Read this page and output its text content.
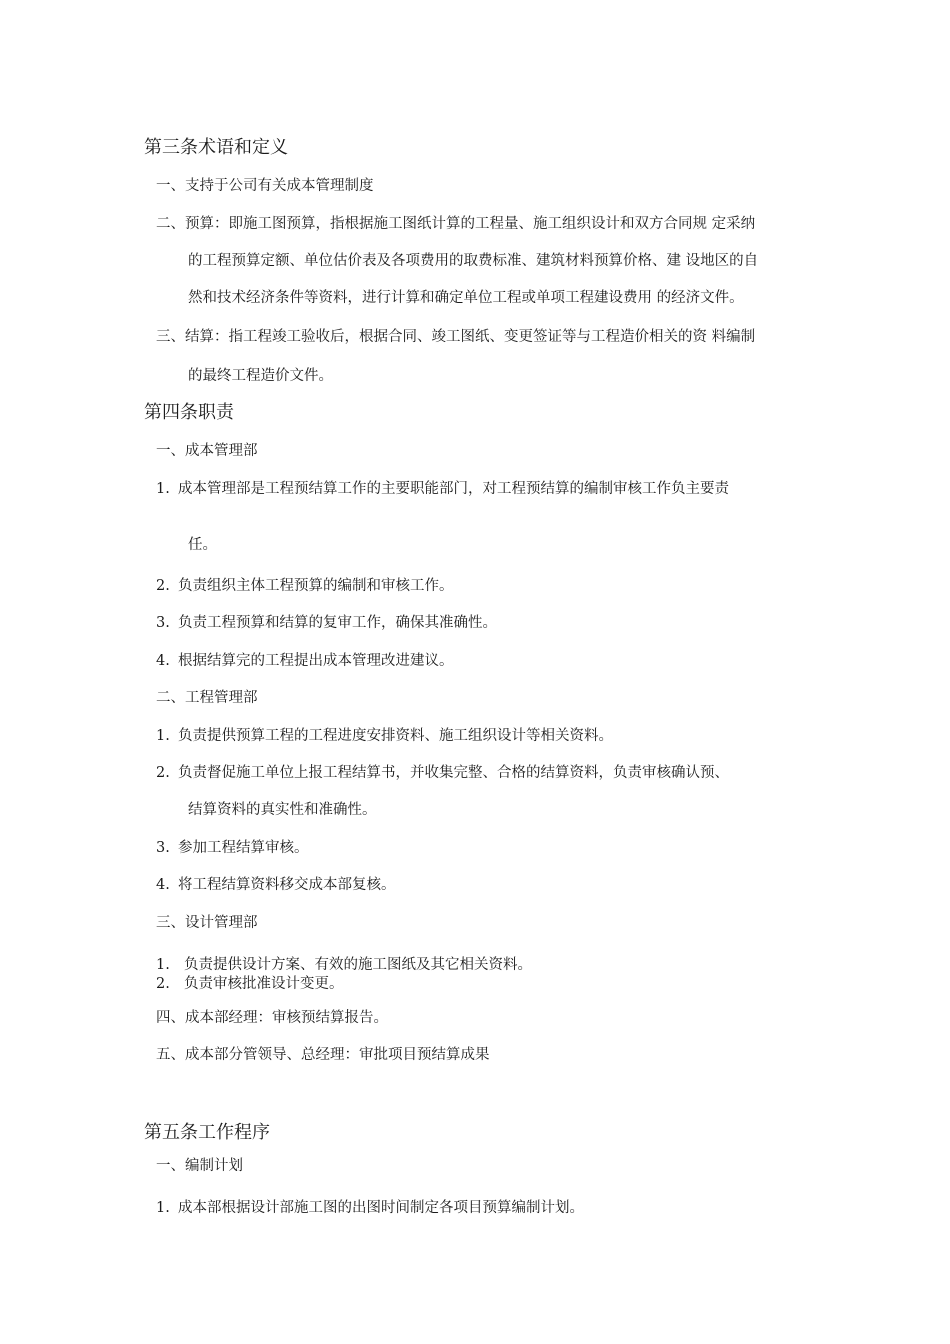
第三条术语和定义
一、支持于公司有关成本管理制度
二、预算：即施工图预算，指根据施工图纸计算的工程量、施工组织设计和双方合同规 定采纳
的工程预算定额、单位估价表及各项费用的取费标准、建筑材料预算价格、建 设地区的自
然和技术经济条件等资料，进行计算和确定单位工程或单项工程建设费用 的经济文件。
三、结算：指工程竣工验收后，根据合同、竣工图纸、变更签证等与工程造价相关的资 料编制
的最终工程造价文件。
第四条职责
一、成本管理部
1. 成本管理部是工程预结算工作的主要职能部门，对工程预结算的编制审核工作负主要责
任。
2. 负责组织主体工程预算的编制和审核工作。
3. 负责工程预算和结算的复审工作，确保其准确性。
4. 根据结算完的工程提出成本管理改进建议。
二、工程管理部
1. 负责提供预算工程的工程进度安排资料、施工组织设计等相关资料。
2. 负责督促施工单位上报工程结算书，并收集完整、合格的结算资料，负责审核确认预、
结算资料的真实性和准确性。
3. 参加工程结算审核。
4. 将工程结算资料移交成本部复核。
三、设计管理部
1. 负责提供设计方案、有效的施工图纸及其它相关资料。
2. 负责审核批准设计变更。
四、成本部经理：审核预结算报告。
五、成本部分管领导、总经理：审批项目预结算成果
第五条工作程序
一、编制计划
1. 成本部根据设计部施工图的出图时间制定各项目预算编制计划。
